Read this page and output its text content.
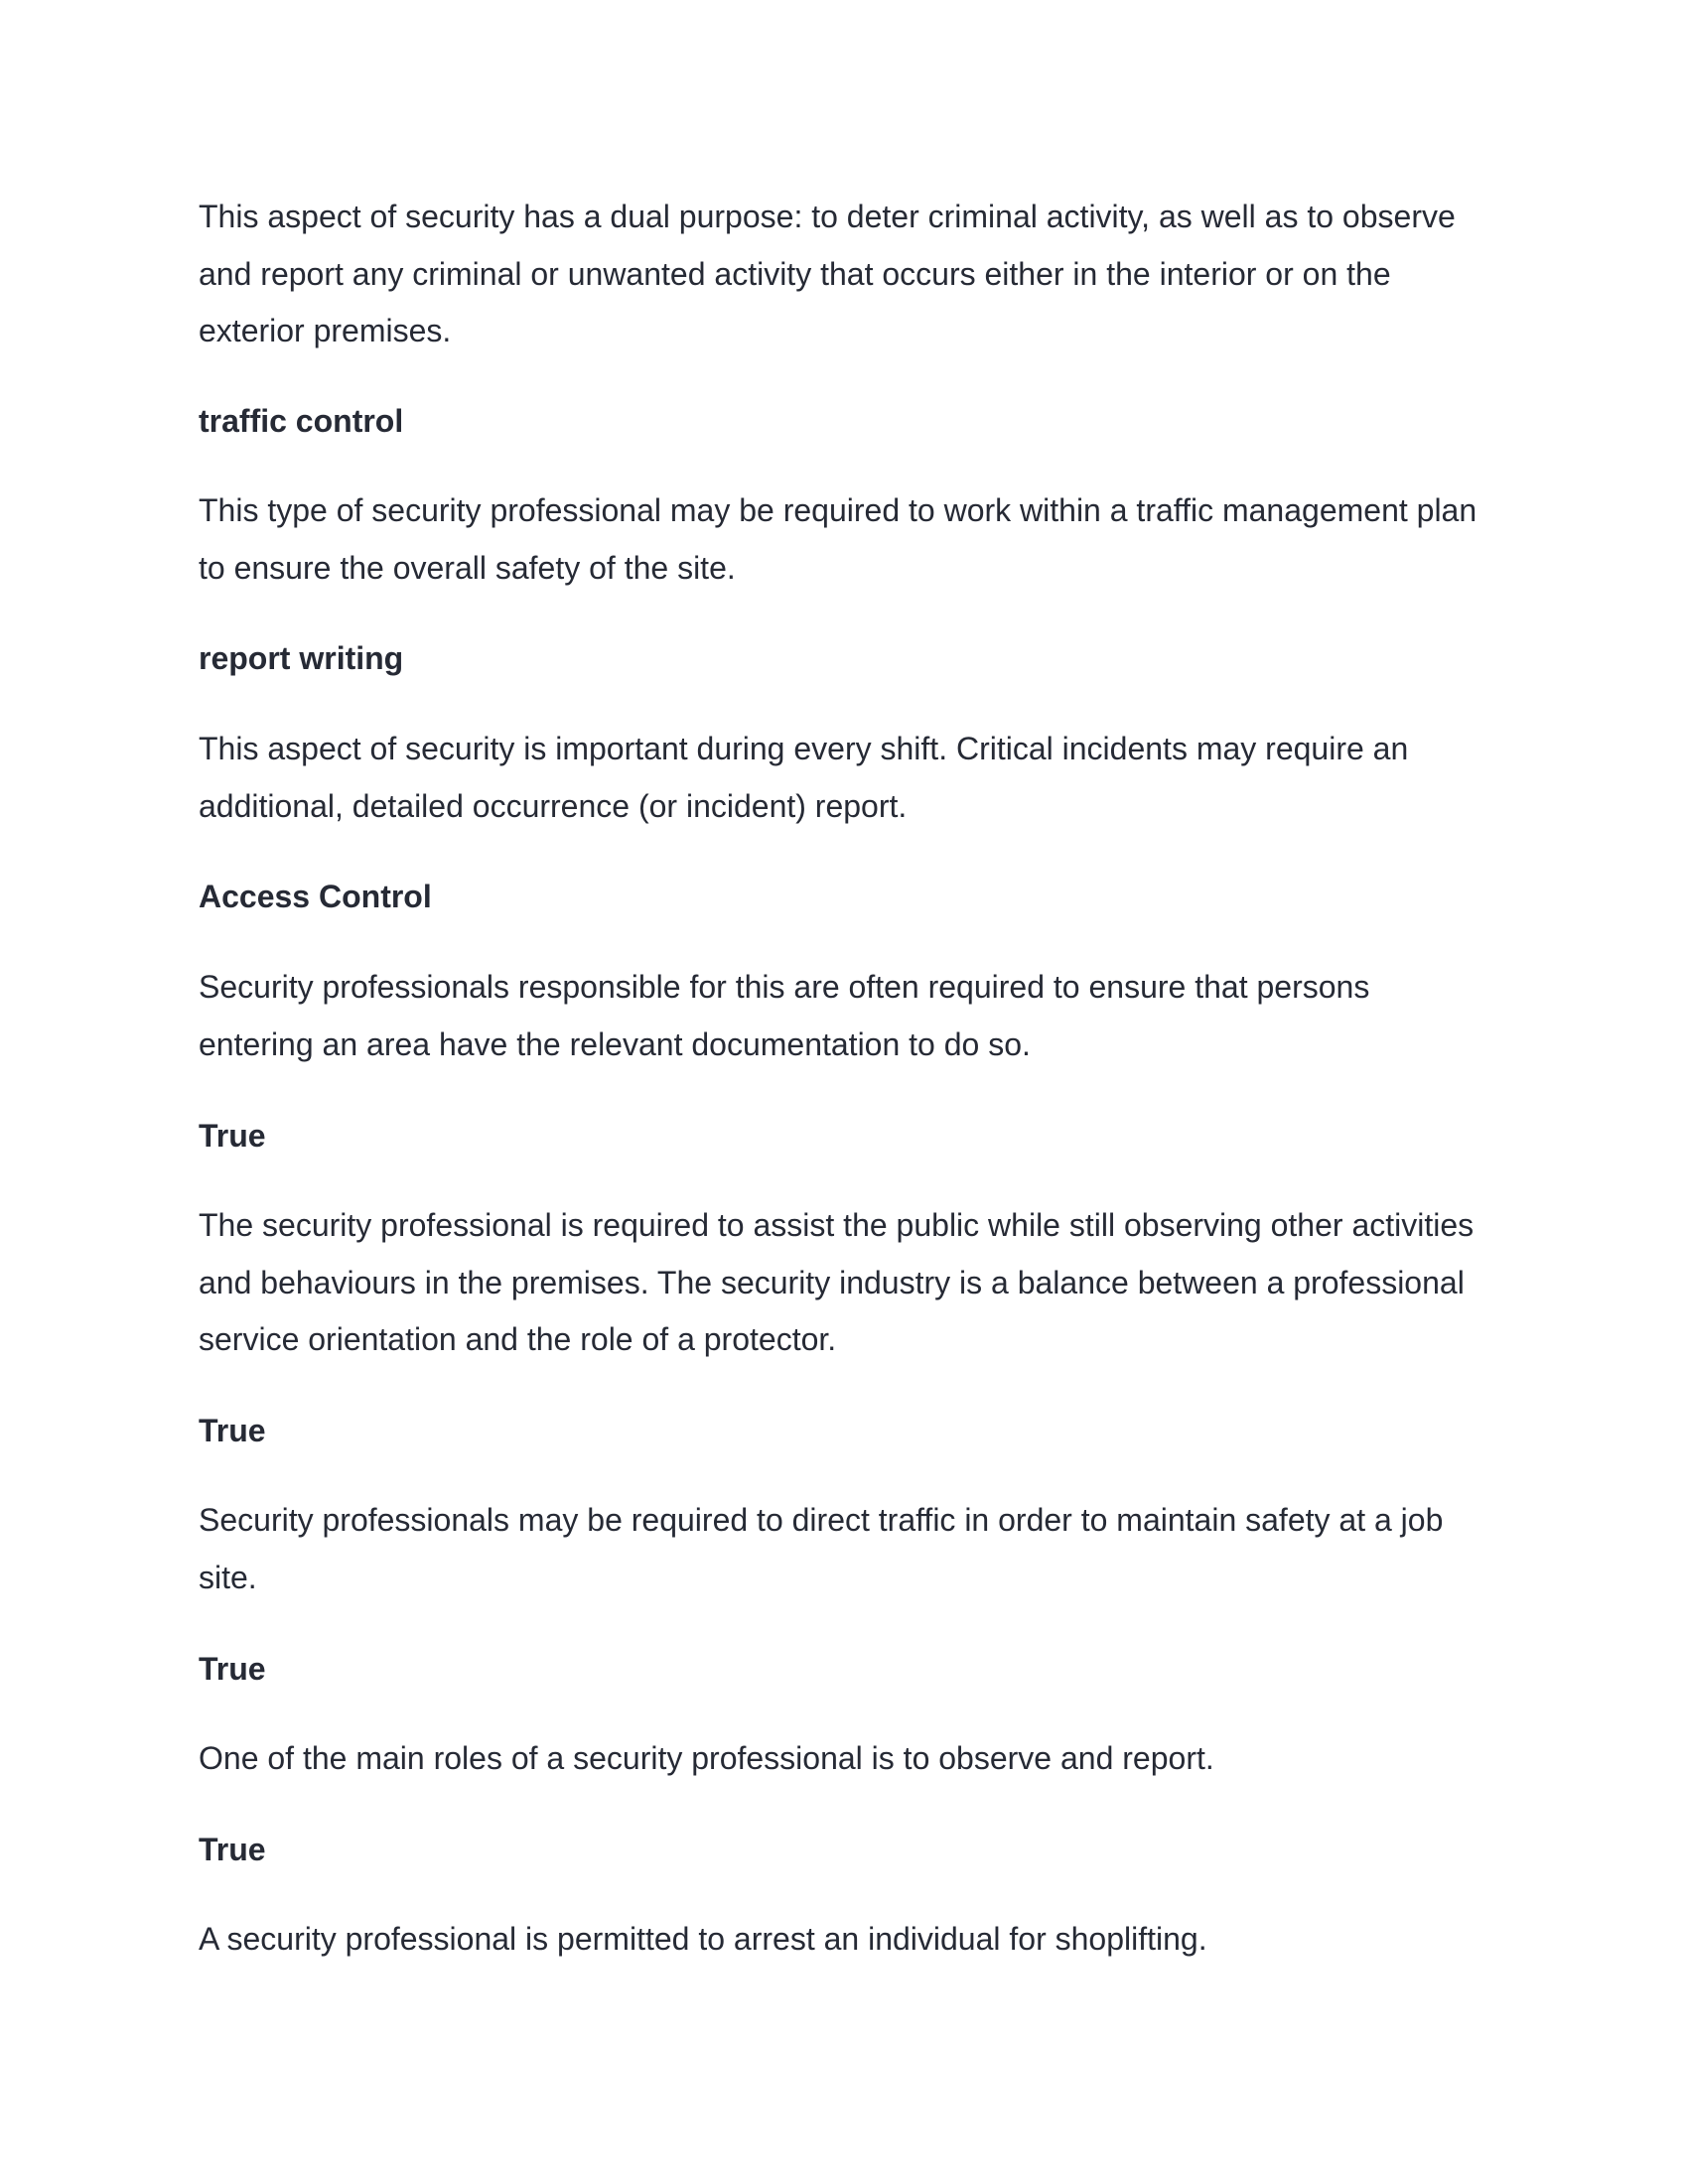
This aspect of security has a dual purpose: to deter criminal activity, as well as to observe and report any criminal or unwanted activity that occurs either in the interior or on the exterior premises.

traffic control

This type of security professional may be required to work within a traffic management plan to ensure the overall safety of the site.

report writing

This aspect of security is important during every shift. Critical incidents may require an additional, detailed occurrence (or incident) report.

Access Control

Security professionals responsible for this are often required to ensure that persons entering an area have the relevant documentation to do so.

True

The security professional is required to assist the public while still observing other activities and behaviours in the premises. The security industry is a balance between a professional service orientation and the role of a protector.

True

Security professionals may be required to direct traffic in order to maintain safety at a job site.

True

One of the main roles of a security professional is to observe and report.

True

A security professional is permitted to arrest an individual for shoplifting.
